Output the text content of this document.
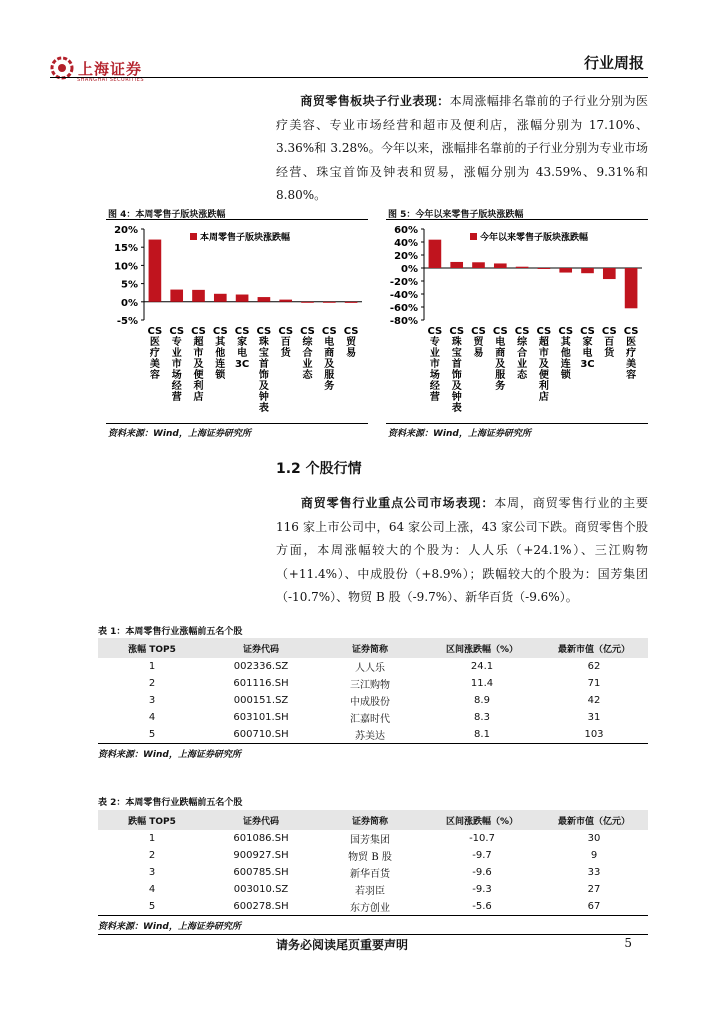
上海证券
SHANGHAI SECURITIES
行业周报
  商贸零售板块子行业表现：本周涨幅排名靠前的子行业分别为医疗美容、专业市场经营和超市及便利店，涨幅分别为 17.10%、3.36%和 3.28%。今年以来，涨幅排名靠前的子行业分别为专业市场经营、珠宝首饰及钟表和贸易，涨幅分别为 43.59%、9.31%和 8.80%。
图 4：本周零售子版块涨跌幅
20%
15%
10%
5%
0%
-5%
CS 医疗美容
CS 专业市场经营
CS 超市及便利店
CS 其他连锁
CS 家电 3C
CS 珠宝首饰及钟表
CS 百货
CS 综合业态
CS 电商及服务
CS 贸易
本周零售子版块涨跌幅
资料来源：Wind，上海证券研究所
图 5：今年以来零售子版块涨跌幅
60%
40%
20%
0%
-20%
-40%
-60%
-80%
CS 专业市场经营
CS 珠宝首饰及钟表
CS 贸易
CS 电商及服务
CS 综合业态
CS 超市及便利店
CS 其他连锁
CS 家电 3C
CS 百货
CS 医疗美容
今年以来零售子版块涨跌幅
资料来源：Wind，上海证券研究所
1.2 个股行情
  商贸零售行业重点公司市场表现：本周，商贸零售行业的主要 116 家上市公司中，64 家公司上涨，43 家公司下跌。商贸零售个股方面，本周涨幅较大的个股为：人人乐（+24.1%）、三江购物（+11.4%）、中成股份（+8.9%）；跌幅较大的个股为：国芳集团（-10.7%）、物贸 B 股（-9.7%）、新华百货（-9.6%）。
表 1：本周零售行业涨幅前五名个股
涨幅 TOP5	证券代码	证券简称	区间涨跌幅（%）	最新市值（亿元）
1	002336.SZ	人人乐	24.1	62
2	601116.SH	三江购物	11.4	71
3	000151.SZ	中成股份	8.9	42
4	603101.SH	汇嘉时代	8.3	31
5	600710.SH	苏美达	8.1	103
资料来源：Wind，上海证券研究所
表 2：本周零售行业跌幅前五名个股
跌幅 TOP5	证券代码	证券简称	区间涨跌幅（%）	最新市值（亿元）
1	601086.SH	国芳集团	-10.7	30
2	900927.SH	物贸 B 股	-9.7	9
3	600785.SH	新华百货	-9.6	33
4	003010.SZ	若羽臣	-9.3	27
5	600278.SH	东方创业	-5.6	67
资料来源：Wind，上海证券研究所
请务必阅读尾页重要声明	5
